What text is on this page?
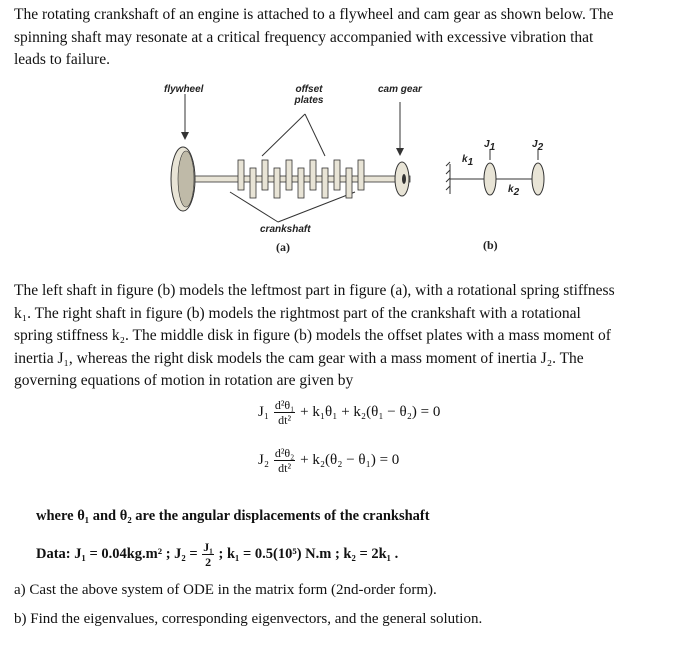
The rotating crankshaft of an engine is attached to a flywheel and cam gear as shown below. The
spinning shaft may resonate at a critical frequency accompanied with excessive vibration that
leads to failure.
flywheel	offset
plates
cam gear
crankshaft
(a)	(b)
$k_1$
$J_1$	$J_2$
$k_2$
The left shaft in figure (b) models the leftmost part in figure (a), with a rotational spring stiffness
k₁. The right shaft in figure (b) models the rightmost part of the crankshaft with a rotational
spring stiffness k₂. The middle disk in figure (b) models the offset plates with a mass moment of
inertia J₁, whereas the right disk models the cam gear with a mass moment of inertia J₂. The
governing equations of motion in rotation are given by
$J_1 \frac{\text{d²θ₁}}{\text{dt²}} + k_1\theta_1 + k_2(\theta_1 - \theta_2) = 0$
$J_2 \frac{\text{d²θ₂}}{\text{dt²}} + k_2(\theta_2 - \theta_1) = 0$
where θ₁ and θ₂ are the angular displacements of the crankshaft
Data: J₁ = 0.04kg.m² ; $J_2 = \frac{\text{J₁}}{2}$ ; k₁ = 0.5(10⁵) N.m ; k₂ = 2k₁ .
a) Cast the above system of ODE in the matrix form (2nd-order form).
b) Find the eigenvalues, corresponding eigenvectors, and the general solution.
